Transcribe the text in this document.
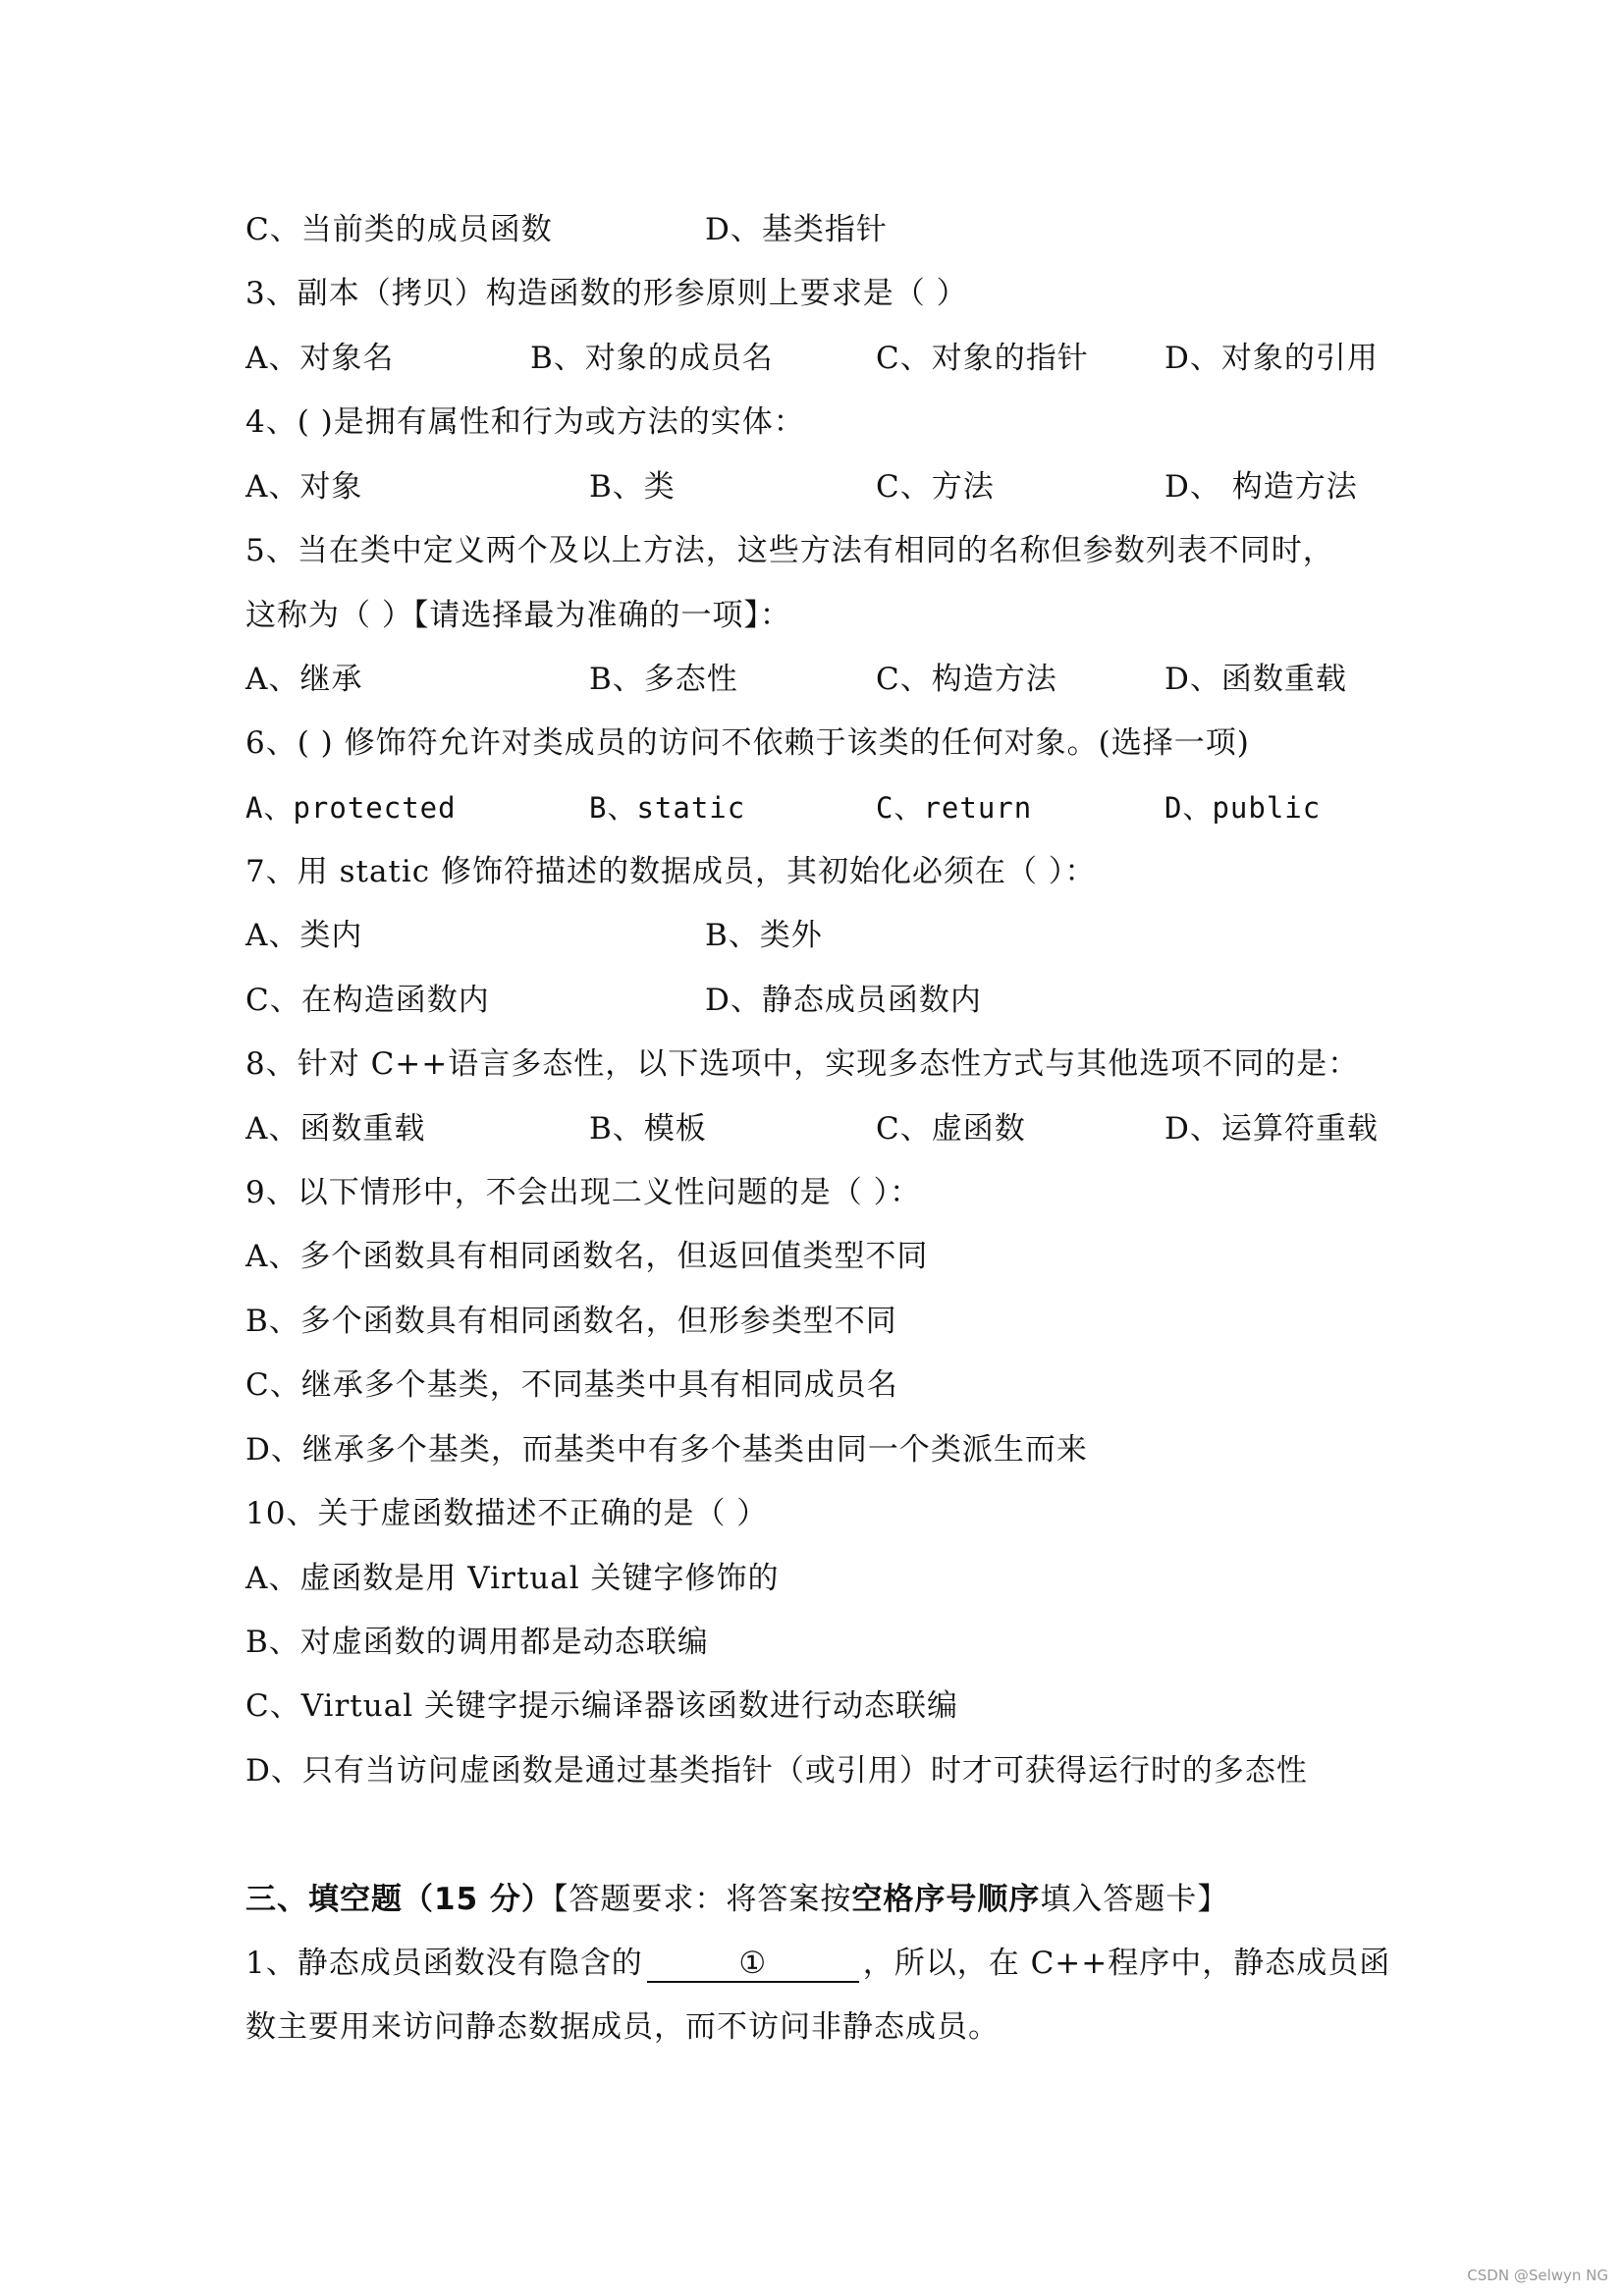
C、当前类的成员函数	D、基类指针
3、副本（拷贝）构造函数的形参原则上要求是（ ）
A、对象名	B、对象的成员名	C、对象的指针 D、对象的引用
4、( )是拥有属性和行为或方法的实体：
A、对象	B、类	C、方法	D、 构造方法
5、当在类中定义两个及以上方法，这些方法有相同的名称但参数列表不同时，
这称为（ ）【请选择最为准确的一项】：
A、继承	B、多态性	C、构造方法	D、函数重载
6、( ) 修饰符允许对类成员的访问不依赖于该类的任何对象。(选择一项)
A、protected	B、static	C、return	D、public
7、用 static 修饰符描述的数据成员，其初始化必须在（ ）：
A、类内	B、类外
C、在构造函数内	D、静态成员函数内
8、针对 C++语言多态性，以下选项中，实现多态性方式与其他选项不同的是：
A、函数重载	B、模板	C、虚函数	D、运算符重载
9、以下情形中，不会出现二义性问题的是（ ）：
A、多个函数具有相同函数名，但返回值类型不同
B、多个函数具有相同函数名，但形参类型不同
C、继承多个基类，不同基类中具有相同成员名
D、继承多个基类，而基类中有多个基类由同一个类派生而来
10、关于虚函数描述不正确的是（ ）
A、虚函数是用 Virtual 关键字修饰的
B、对虚函数的调用都是动态联编
C、Virtual 关键字提示编译器该函数进行动态联编
D、只有当访问虚函数是通过基类指针（或引用）时才可获得运行时的多态性
三、填空题（15 分）【答题要求：将答案按空格序号顺序填入答题卡】
1、静态成员函数没有隐含的	①	，所以，在 C++程序中，静态成员函
数主要用来访问静态数据成员，而不访问非静态成员。
CSDN @Selwyn NG
